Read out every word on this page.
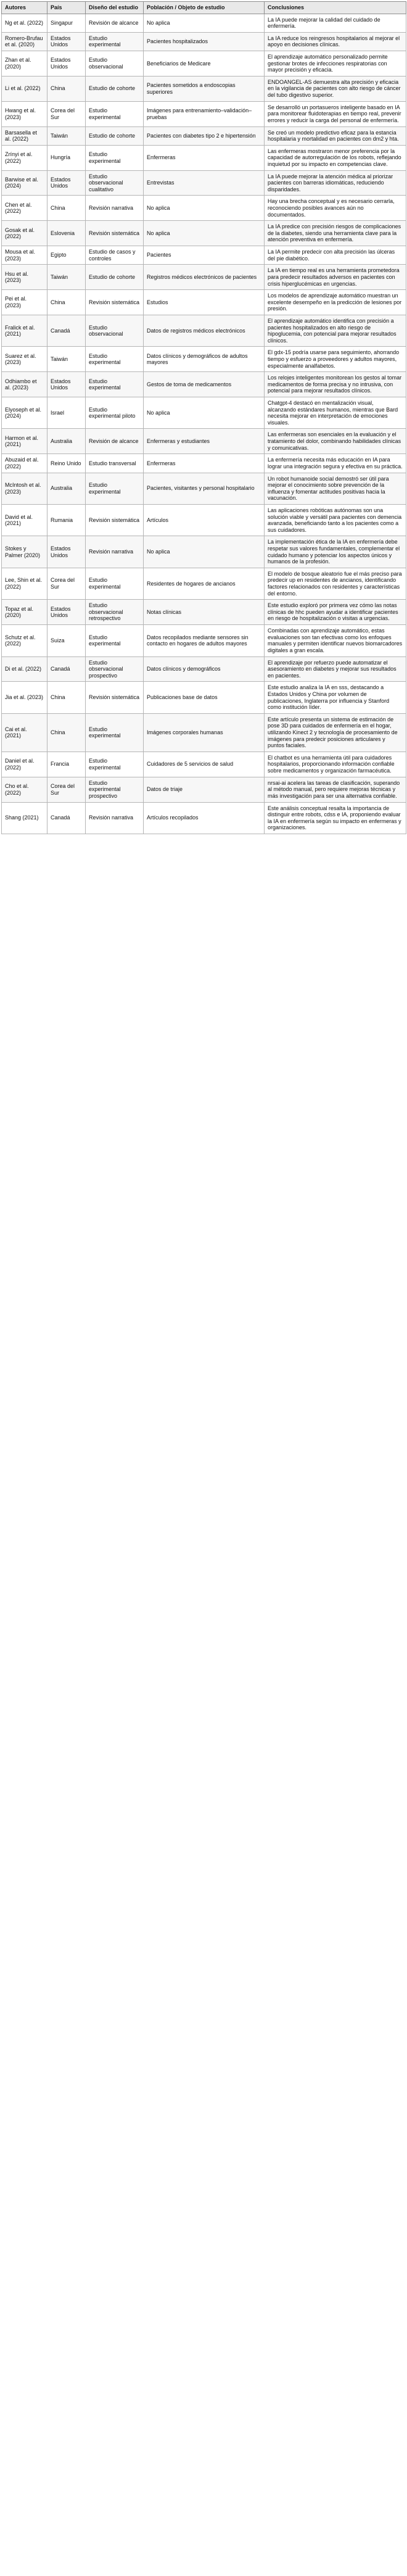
Autores	País	Diseño del estudio	Población / Objeto de estudio	Conclusiones
Ng et al. (2022)	Singapur	Revisión de alcance	No aplica	La IA puede mejorar la calidad del cuidado de enfermería.
Romero-Brufau et al. (2020)	Estados Unidos	Estudio experimental	Pacientes hospitalizados	La IA reduce los reingresos hospitalarios al mejorar el apoyo en decisiones clínicas.
Zhan et al. (2020)	Estados Unidos	Estudio observacional	Beneficiarios de Medicare	El aprendizaje automático personalizado permite gestionar brotes de infecciones respiratorias con mayor precisión y eficacia.
Li et al. (2022)	China	Estudio de cohorte	Pacientes sometidos a endoscopias superiores	ENDOANGEL-AS demuestra alta precisión y eficacia en la vigilancia de pacientes con alto riesgo de cáncer del tubo digestivo superior.
Hwang et al. (2023)	Corea del Sur	Estudio experimental	Imágenes para entrenamiento–validación–pruebas	Se desarrolló un portasueros inteligente basado en IA para monitorear fluidoterapias en tiempo real, prevenir errores y reducir la carga del personal de enfermería.
Barsasella et al. (2022)	Taiwán	Estudio de cohorte	Pacientes con diabetes tipo 2 e hipertensión	Se creó un modelo predictivo eficaz para la estancia hospitalaria y mortalidad en pacientes con dm2 y hta.
Zrínyi et al. (2022)	Hungría	Estudio experimental	Enfermeras	Las enfermeras mostraron menor preferencia por la capacidad de autorregulación de los robots, reflejando inquietud por su impacto en competencias clave.
Barwise et al. (2024)	Estados Unidos	Estudio observacional cualitativo	Entrevistas	La IA puede mejorar la atención médica al priorizar pacientes con barreras idiomáticas, reduciendo disparidades.
Chen et al. (2022)	China	Revisión narrativa	No aplica	Hay una brecha conceptual y es necesario cerrarla, reconociendo posibles avances aún no documentados.
Gosak et al. (2022)	Eslovenia	Revisión sistemática	No aplica	La IA predice con precisión riesgos de complicaciones de la diabetes, siendo una herramienta clave para la atención preventiva en enfermería.
Mousa et al. (2023)	Egipto	Estudio de casos y controles	Pacientes	La IA permite predecir con alta precisión las úlceras del pie diabético.
Hsu et al. (2023)	Taiwán	Estudio de cohorte	Registros médicos electrónicos de pacientes	La IA en tiempo real es una herramienta prometedora para predecir resultados adversos en pacientes con crisis hiperglucémicas en urgencias.
Pei et al. (2023)	China	Revisión sistemática	Estudios	Los modelos de aprendizaje automático muestran un excelente desempeño en la predicción de lesiones por presión.
Fralick et al. (2021)	Canadá	Estudio observacional	Datos de registros médicos electrónicos	El aprendizaje automático identifica con precisión a pacientes hospitalizados en alto riesgo de hipoglucemia, con potencial para mejorar resultados clínicos.
Suarez et al. (2023)	Taiwán	Estudio experimental	Datos clínicos y demográficos de adultos mayores	El gdx-15 podría usarse para seguimiento, ahorrando tiempo y esfuerzo a proveedores y adultos mayores, especialmente analfabetos.
Odhiambo et al. (2023)	Estados Unidos	Estudio experimental	Gestos de toma de medicamentos	Los relojes inteligentes monitorean los gestos al tomar medicamentos de forma precisa y no intrusiva, con potencial para mejorar resultados clínicos.
Elyoseph et al. (2024)	Israel	Estudio experimental piloto	No aplica	Chatgpt-4 destacó en mentalización visual, alcanzando estándares humanos, mientras que Bard necesita mejorar en interpretación de emociones visuales.
Harmon et al. (2021)	Australia	Revisión de alcance	Enfermeras y estudiantes	Las enfermeras son esenciales en la evaluación y el tratamiento del dolor, combinando habilidades clínicas y comunicativas.
Abuzaid et al. (2022)	Reino Unido	Estudio transversal	Enfermeras	La enfermería necesita más educación en IA para lograr una integración segura y efectiva en su práctica.
McIntosh et al. (2023)	Australia	Estudio experimental	Pacientes, visitantes y personal hospitalario	Un robot humanoide social demostró ser útil para mejorar el conocimiento sobre prevención de la influenza y fomentar actitudes positivas hacia la vacunación.
David et al. (2021)	Rumania	Revisión sistemática	Artículos	Las aplicaciones robóticas autónomas son una solución viable y versátil para pacientes con demencia avanzada, beneficiando tanto a los pacientes como a sus cuidadores.
Stokes y Palmer (2020)	Estados Unidos	Revisión narrativa	No aplica	La implementación ética de la IA en enfermería debe respetar sus valores fundamentales, complementar el cuidado humano y potenciar los aspectos únicos y humanos de la profesión.
Lee, Shin et al. (2022)	Corea del Sur	Estudio experimental	Residentes de hogares de ancianos	El modelo de bosque aleatorio fue el más preciso para predecir up en residentes de ancianos, identificando factores relacionados con residentes y características del entorno.
Topaz et al. (2020)	Estados Unidos	Estudio observacional retrospectivo	Notas clínicas	Este estudio exploró por primera vez cómo las notas clínicas de hhc pueden ayudar a identificar pacientes en riesgo de hospitalización o visitas a urgencias.
Schutz et al. (2022)	Suiza	Estudio experimental	Datos recopilados mediante sensores sin contacto en hogares de adultos mayores	Combinadas con aprendizaje automático, estas evaluaciones son tan efectivas como los enfoques manuales y permiten identificar nuevos biomarcadores digitales a gran escala.
Di et al. (2022)	Canadá	Estudio observacional prospectivo	Datos clínicos y demográficos	El aprendizaje por refuerzo puede automatizar el asesoramiento en diabetes y mejorar sus resultados en pacientes.
Jia et al. (2023)	China	Revisión sistemática	Publicaciones base de datos	Este estudio analiza la IA en sss, destacando a Estados Unidos y China por volumen de publicaciones, Inglaterra por influencia y Stanford como institución líder.
Cai et al. (2021)	China	Estudio experimental	Imágenes corporales humanas	Este artículo presenta un sistema de estimación de pose 3D para cuidados de enfermería en el hogar, utilizando Kinect 2 y tecnología de procesamiento de imágenes para predecir posiciones articulares y puntos faciales.
Daniel et al. (2022)	Francia	Estudio experimental	Cuidadores de 5 servicios de salud	El chatbot es una herramienta útil para cuidadores hospitalarios, proporcionando información confiable sobre medicamentos y organización farmacéutica.
Cho et al. (2022)	Corea del Sur	Estudio experimental prospectivo	Datos de triaje	nrsai-ai acelera las tareas de clasificación, superando al método manual, pero requiere mejoras técnicas y más investigación para ser una alternativa confiable.
Shang (2021)	Canadá	Revisión narrativa	Artículos recopilados	Este análisis conceptual resalta la importancia de distinguir entre robots, cdss e IA, proponiendo evaluar la IA en enfermería según su impacto en enfermeras y organizaciones.
